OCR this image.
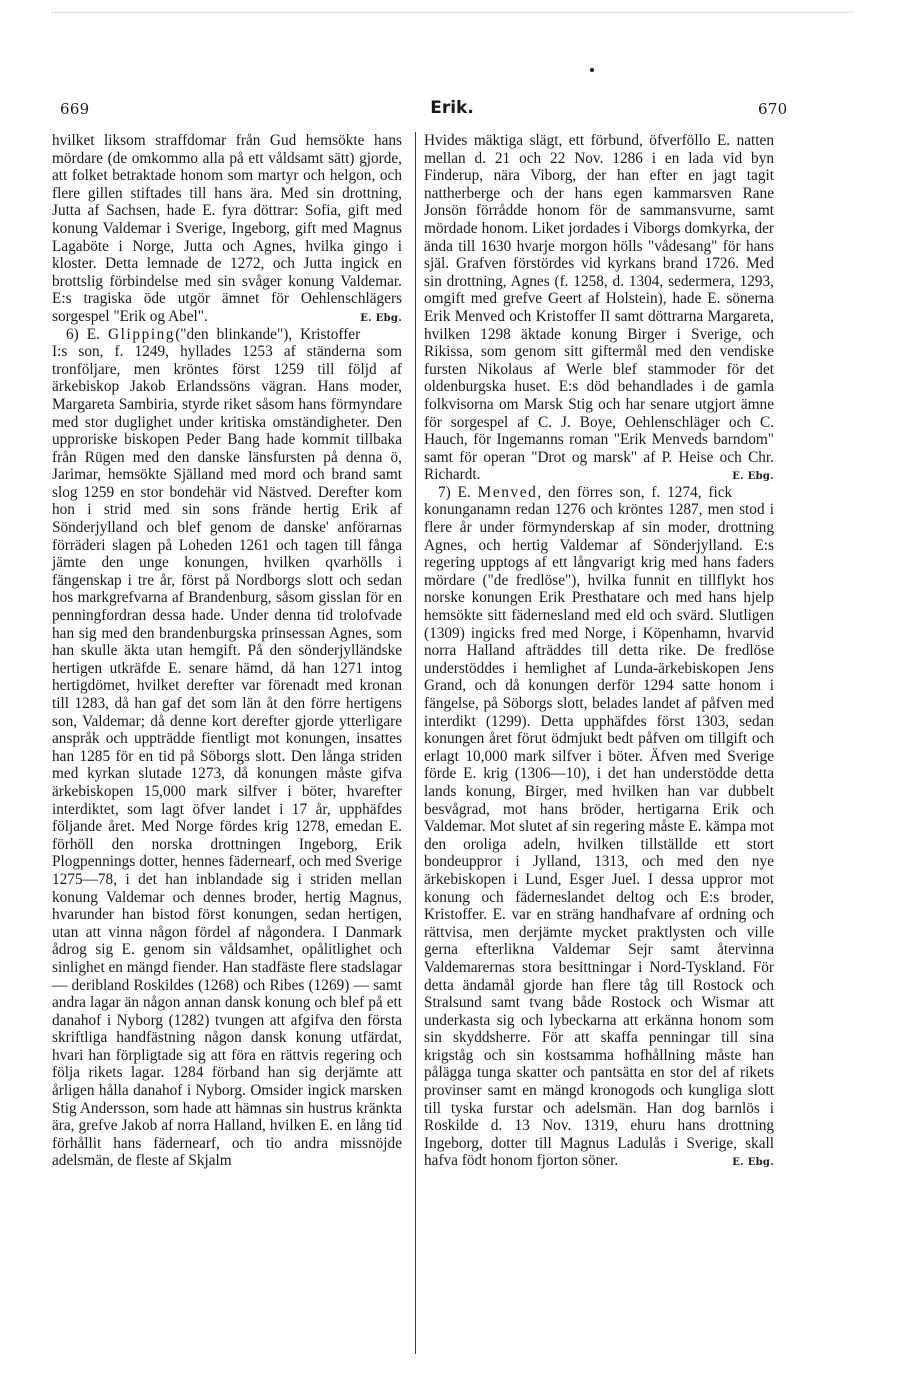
669	Erik.	670

hvilket liksom straffdomar från Gud hemsökte hans mördare (de omkommo alla på ett våldsamt sätt) gjorde, att folket betraktade honom som martyr och helgon, och flere gillen stiftades till hans ära. Med sin drottning, Jutta af Sachsen, hade E. fyra döttrar: Sofia, gift med konung Valdemar i Sverige, Ingeborg, gift med Magnus Lagaböte i Norge, Jutta och Agnes, hvilka gingo i kloster. Detta lemnade de 1272, och Jutta ingick en brottslig förbindelse med sin svåger konung Valdemar. E:s tragiska öde utgör ämnet för Oehlenschlägers sorgespel "Erik og Abel".	E. Ebg.

6) E. Glipping("den blinkande"), Kristoffer I:s son, f. 1249, hyllades 1253 af ständerna som tronföljare, men kröntes först 1259 till följd af ärkebiskop Jakob Erlandssöns vägran. Hans moder, Margareta Sambiria, styrde riket såsom hans förmyndare med stor duglighet under kritiska omständigheter. Den upproriske biskopen Peder Bang hade kommit tillbaka från Rügen med den danske länsfursten på denna ö, Jarimar, hemsökte Själland med mord och brand samt slog 1259 en stor bondehär vid Nästved. Derefter kom hon i strid med sin sons frände hertig Erik af Sönderjylland och blef genom de danske' anförarnas förräderi slagen på Loheden 1261 och tagen till fånga jämte den unge konungen, hvilken qvarhölls i fängenskap i tre år, först på Nordborgs slott och sedan hos markgrefvarna af Brandenburg, såsom gisslan för en penningfordran dessa hade. Under denna tid trolofvade han sig med den brandenburgska prinsessan Agnes, som han skulle äkta utan hemgift. På den sönderjylländske hertigen utkräfde E. senare hämd, då han 1271 intog hertigdömet, hvilket derefter var förenadt med kronan till 1283, då han gaf det som län åt den förre hertigens son, Valdemar; då denne kort derefter gjorde ytterligare anspråk och uppträdde fientligt mot konungen, insattes han 1285 för en tid på Söborgs slott. Den långa striden med kyrkan slutade 1273, då konungen måste gifva ärkebiskopen 15,000 mark silfver i böter, hvarefter interdiktet, som lagt öfver landet i 17 år, upphäfdes följande året. Med Norge fördes krig 1278, emedan E. förhöll den norska drottningen Ingeborg, Erik Plogpennings dotter, hennes fädernearf, och med Sverige 1275—78, i det han inblandade sig i striden mellan konung Valdemar och dennes broder, hertig Magnus, hvarunder han bistod först konungen, sedan hertigen, utan att vinna någon fördel af någondera. I Danmark ådrog sig E. genom sin våldsamhet, opålitlighet och sinlighet en mängd fiender. Han stadfäste flere stadslagar — deribland Roskildes (1268) och Ribes (1269) — samt andra lagar än någon annan dansk konung och blef på ett danahof i Nyborg (1282) tvungen att afgifva den första skriftliga handfästning någon dansk konung utfärdat, hvari han förpligtade sig att föra en rättvis regering och följa rikets lagar. 1284 förband han sig derjämte att årligen hålla danahof i Nyborg. Omsider ingick marsken Stig Andersson, som hade att hämnas sin hustrus kränkta ära, grefve Jakob af norra Halland, hvilken E. en lång tid förhållit hans fädernearf, och tio andra missnöjde adelsmän, de fleste af Skjalm

Hvides mäktiga slägt, ett förbund, öfverföllo E. natten mellan d. 21 och 22 Nov. 1286 i en lada vid byn Finderup, nära Viborg, der han efter en jagt tagit nattherberge och der hans egen kammarsven Rane Jonsön förrådde honom för de sammansvurne, samt mördade honom. Liket jordades i Viborgs domkyrka, der ända till 1630 hvarje morgon hölls "vådesang" för hans själ. Grafven förstördes vid kyrkans brand 1726. Med sin drottning, Agnes (f. 1258, d. 1304, sedermera, 1293, omgift med grefve Geert af Holstein), hade E. sönerna Erik Menved och Kristoffer II samt döttrarna Margareta, hvilken 1298 äktade konung Birger i Sverige, och Rikissa, som genom sitt giftermål med den vendiske fursten Nikolaus af Werle blef stammoder för det oldenburgska huset. E:s död behandlades i de gamla folkvisorna om Marsk Stig och har senare utgjort ämne för sorgespel af C. J. Boye, Oehlenschläger och C. Hauch, för Ingemanns roman "Erik Menveds barndom" samt för operan "Drot og marsk" af P. Heise och Chr. Richardt.	E. Ebg.

7) E. Menved, den förres son, f. 1274, fick konunganamn redan 1276 och kröntes 1287, men stod i flere år under förmynderskap af sin moder, drottning Agnes, och hertig Valdemar af Sönderjylland. E:s regering upptogs af ett långvarigt krig med hans faders mördare ("de fredlöse"), hvilka funnit en tillflykt hos norske konungen Erik Presthatare och med hans hjelp hemsökte sitt fädernesland med eld och svärd. Slutligen (1309) ingicks fred med Norge, i Köpenhamn, hvarvid norra Halland afträddes till detta rike. De fredlöse understöddes i hemlighet af Lunda-ärkebiskopen Jens Grand, och då konungen derför 1294 satte honom i fängelse, på Söborgs slott, belades landet af påfven med interdikt (1299). Detta upphäfdes först 1303, sedan konungen året förut ödmjukt bedt påfven om tillgift och erlagt 10,000 mark silfver i böter. Äfven med Sverige förde E. krig (1306—10), i det han understödde detta lands konung, Birger, med hvilken han var dubbelt besvågrad, mot hans bröder, hertigarna Erik och Valdemar. Mot slutet af sin regering måste E. kämpa mot den oroliga adeln, hvilken tillställde ett stort bondeuppror i Jylland, 1313, och med den nye ärkebiskopen i Lund, Esger Juel. I dessa uppror mot konung och fäderneslandet deltog och E:s broder, Kristoffer. E. var en sträng handhafvare af ordning och rättvisa, men derjämte mycket praktlysten och ville gerna efterlikna Valdemar Sejr samt återvinna Valdemarernas stora besittningar i Nord-Tyskland. För detta ändamål gjorde han flere tåg till Rostock och Stralsund samt tvang både Rostock och Wismar att underkasta sig och lybeckarna att erkänna honom som sin skyddsherre. För att skaffa penningar till sina krigståg och sin kostsamma hofhållning måste han pålägga tunga skatter och pantsätta en stor del af rikets provinser samt en mängd kronogods och kungliga slott till tyska furstar och adelsmän. Han dog barnlös i Roskilde d. 13 Nov. 1319, ehuru hans drottning Ingeborg, dotter till Magnus Ladulås i Sverige, skall hafva födt honom fjorton söner.	E. Ebg.
